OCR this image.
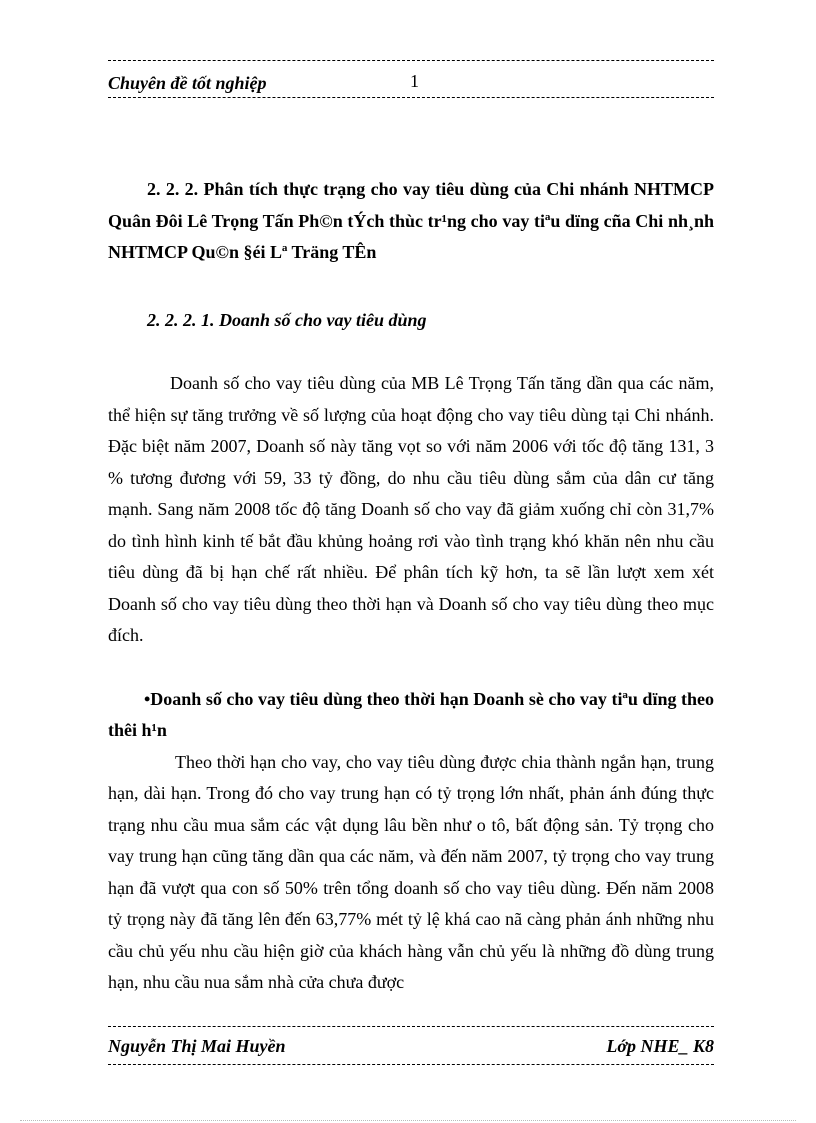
Chuyên đề tốt nghiệp	1

2. 2. 2. Phân tích thực trạng cho vay tiêu dùng của Chi nhánh NHTMCP Quân Đôi Lê Trọng Tấn Ph©n tÝch thùc tr¹ng cho vay tiªu dïng cña Chi nh¸nh NHTMCP Qu©n §éi Lª Träng TÊn

2. 2. 2. 1. Doanh số cho vay tiêu dùng

Doanh số cho vay tiêu dùng của MB Lê Trọng Tấn tăng dần qua các năm, thể hiện sự tăng trưởng về số lượng của hoạt động cho vay tiêu dùng tại Chi nhánh. Đặc biệt năm 2007, Doanh số này tăng vọt so với năm 2006 với tốc độ tăng 131, 3 % tương đương với 59, 33 tỷ đồng, do nhu cầu tiêu dùng sắm của dân cư tăng mạnh. Sang năm 2008 tốc độ tăng Doanh số cho vay đã giảm xuống chỉ còn 31,7% do tình hình kinh tế bắt đầu khủng hoảng rơi vào tình trạng khó khăn nên nhu cầu tiêu dùng đã bị hạn chế rất nhiều. Để phân tích kỹ hơn, ta sẽ lần lượt xem xét Doanh số cho vay tiêu dùng theo thời hạn và Doanh số cho vay tiêu dùng theo mục đích.

•Doanh số cho vay tiêu dùng theo thời hạn Doanh sè cho vay tiªu dïng theo thêi h¹n

Theo thời hạn cho vay, cho vay tiêu dùng được chia thành ngắn hạn, trung hạn, dài hạn. Trong đó cho vay trung hạn có tỷ trọng lớn nhất, phản ánh đúng thực trạng nhu cầu mua sắm các vật dụng lâu bền như o tô, bất động sản. Tỷ trọng cho vay trung hạn cũng tăng dần qua các năm, và đến năm 2007, tỷ trọng cho vay trung hạn đã vượt qua con số 50% trên tổng doanh số cho vay tiêu dùng. Đến năm 2008 tỷ trọng này đã tăng lên đến 63,77% mét tỷ lệ khá cao nã càng phản ánh những nhu cầu chủ yếu nhu cầu hiện giờ của khách hàng vẫn chủ yếu là những đồ dùng trung hạn, nhu cầu nua sắm nhà cửa chưa được

Nguyễn Thị Mai Huyền	Lớp NHE_ K8
